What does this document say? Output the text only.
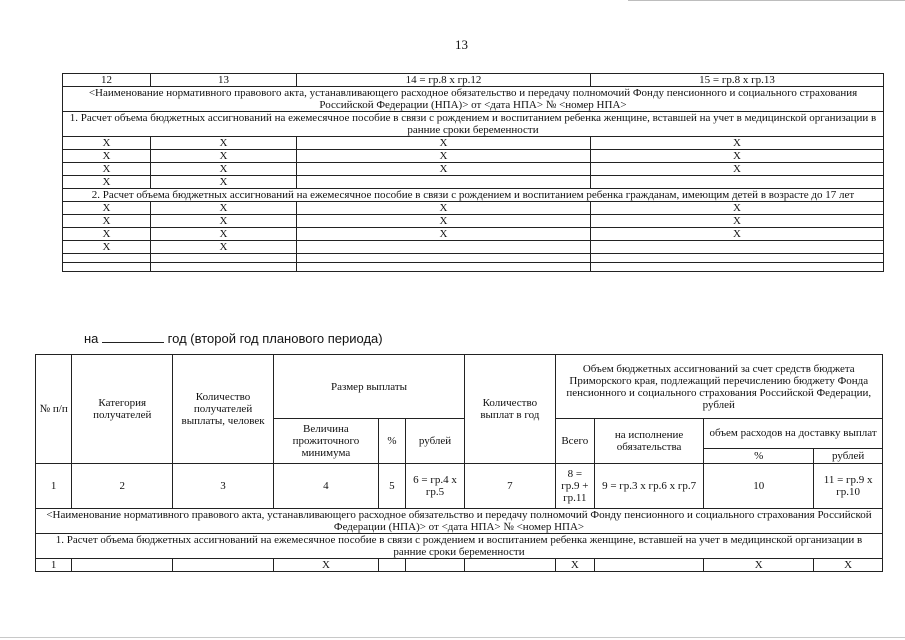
13
12	13	14 = гр.8 x гр.12	15 = гр.8 x гр.13
<Наименование нормативного правового акта, устанавливающего расходное обязательство и передачу полномочий Фонду пенсионного и социального страхования Российской Федерации (НПА)> от <дата НПА> № <номер НПА>			
1. Расчет объема бюджетных ассигнований на ежемесячное пособие в связи с рождением и воспитанием ребенка женщине, вставшей на учет в медицинской организации в ранние сроки беременности			
X	X	X	X
X	X	X	X
X	X	X	X
X	X		
2. Расчет объема бюджетных ассигнований на ежемесячное пособие в связи с рождением и воспитанием ребенка гражданам, имеющим детей в возрасте до 17 лет			
X	X	X	X
X	X	X	X
X	X	X	X
X	X		

на	год (второй год планового периода)
№ п/п	Категория получателей	Количество получателей выплаты, человек	Размер выплаты			Количество выплат в год	Объем бюджетных ассигнований за счет средств бюджета Приморского края, подлежащий перечислению бюджету Фонда пенсионного и социального страхования Российской Федерации, рублей			
			Величина прожиточного минимума	%	рублей		Всего	на исполнение обязательства	объем расходов на доставку выплат	
									%	рублей
1	2	3	4	5	6 = гр.4 х гр.5	7	8 = гр.9 + гр.11	9 = гр.3 х гр.6 х гр.7	10	11 = гр.9 х гр.10
<Наименование нормативного правового акта, устанавливающего расходное обязательство и передачу полномочий Фонду пенсионного и социального страхования Российской Федерации (НПА)> от <дата НПА> № <номер НПА>										
1. Расчет объема бюджетных ассигнований на ежемесячное пособие в связи с рождением и воспитанием ребенка женщине, вставшей на учет в медицинской организации в ранние сроки беременности										
1			X				X		X	X
